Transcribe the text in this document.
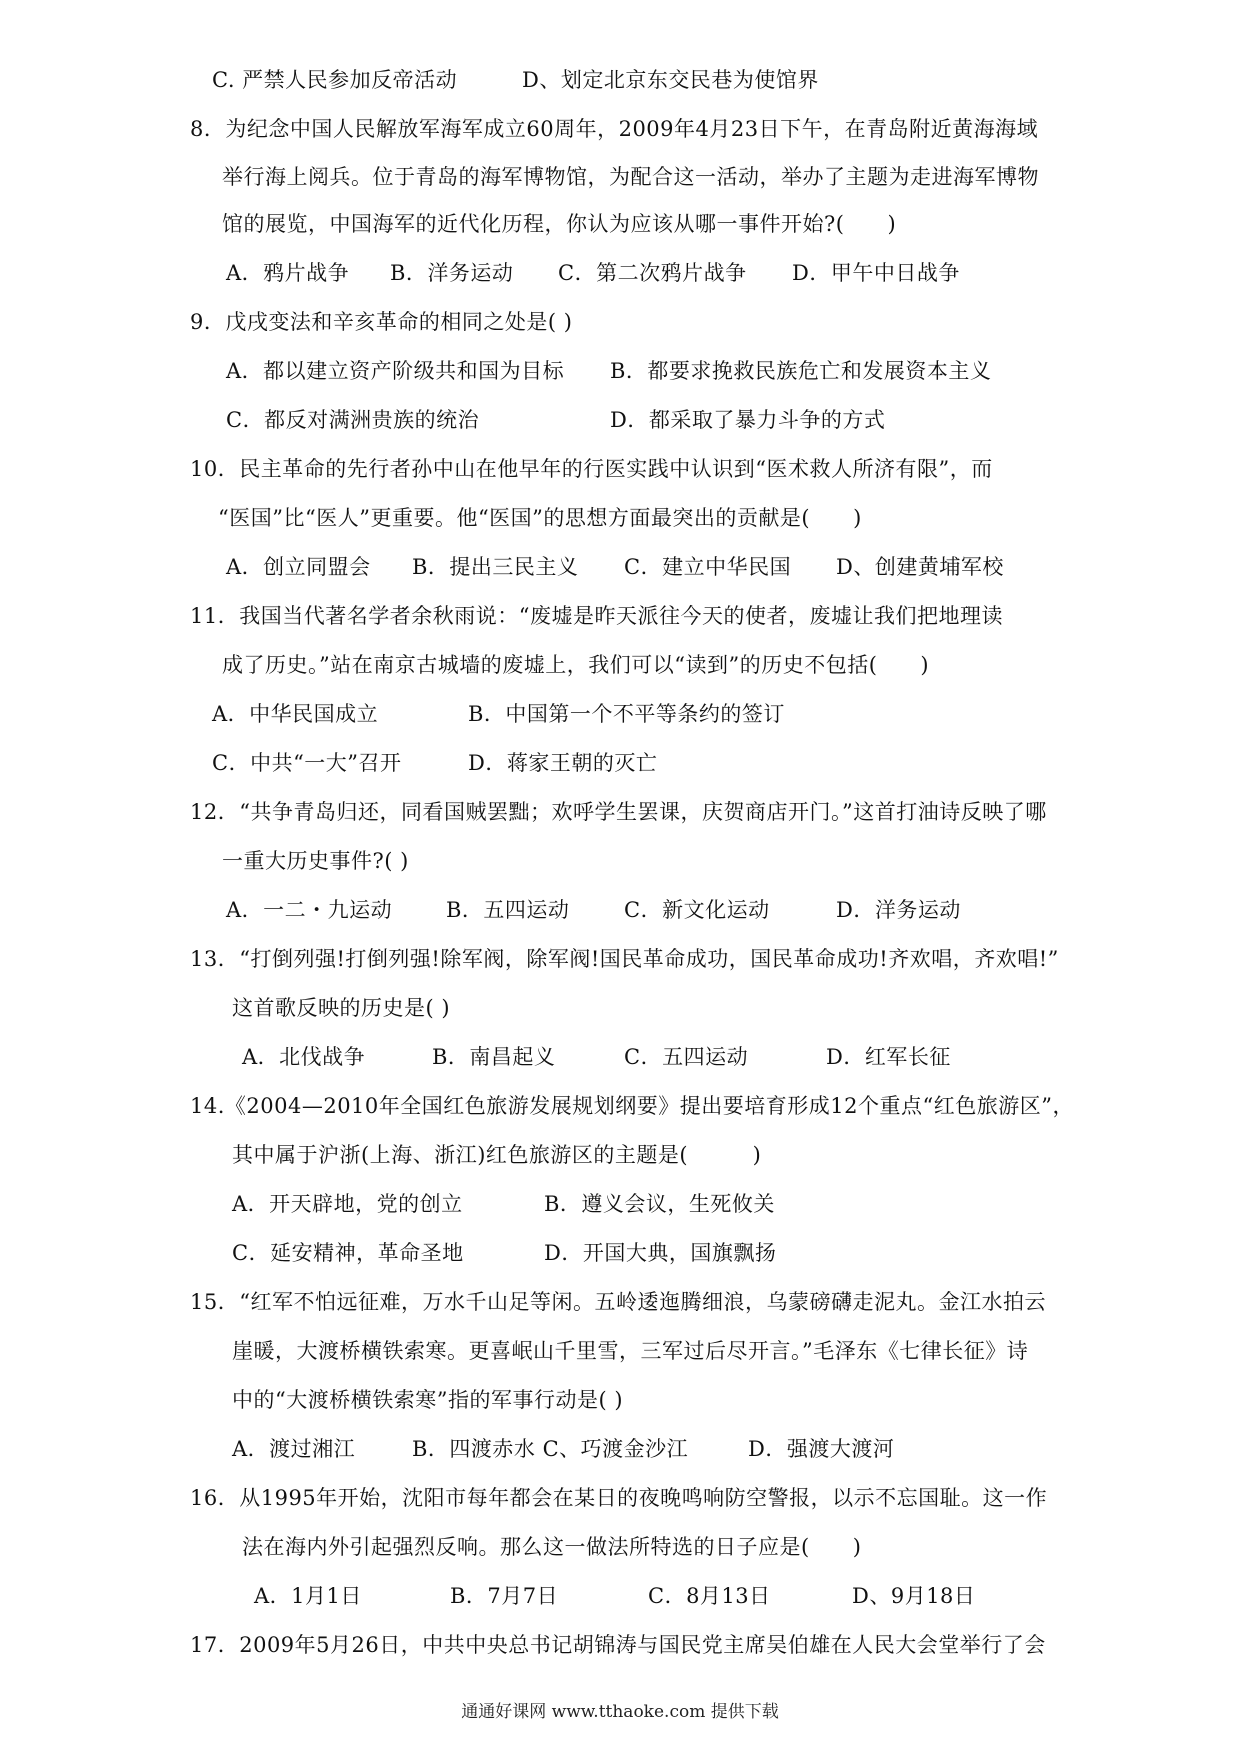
C. 严禁人民参加反帝活动	D、划定北京东交民巷为使馆界
8．为纪念中国人民解放军海军成立60周年，2009年4月23日下午，在青岛附近黄海海域
举行海上阅兵。位于青岛的海军博物馆，为配合这一活动，举办了主题为走进海军博物
馆的展览，中国海军的近代化历程，你认为应该从哪一事件开始?(　　)
A．鸦片战争 B．洋务运动 C．第二次鸦片战争 D．甲午中日战争
9．戊戌变法和辛亥革命的相同之处是( )
A．都以建立资产阶级共和国为目标 B．都要求挽救民族危亡和发展资本主义
C．都反对满洲贵族的统治	D．都采取了暴力斗争的方式
10．民主革命的先行者孙中山在他早年的行医实践中认识到“医术救人所济有限”，而
“医国”比“医人”更重要。他“医国”的思想方面最突出的贡献是(　　)
A．创立同盟会 B．提出三民主义 C．建立中华民国 D、创建黄埔军校
11．我国当代著名学者余秋雨说：“废墟是昨天派往今天的使者，废墟让我们把地理读
成了历史。”站在南京古城墙的废墟上，我们可以“读到”的历史不包括(　　)
A．中华民国成立	B．中国第一个不平等条约的签订
C．中共“一大”召开	D．蒋家王朝的灭亡
12．“共争青岛归还，同看国贼罢黜；欢呼学生罢课，庆贺商店开门。”这首打油诗反映了哪
一重大历史事件?( )
A．一二・九运动	B．五四运动	C．新文化运动	D．洋务运动
13．“打倒列强!打倒列强!除军阀，除军阀!国民革命成功，国民革命成功!齐欢唱，齐欢唱!”
这首歌反映的历史是( )
A．北伐战争	B．南昌起义	C．五四运动	D．红军长征
14.《2004—2010年全国红色旅游发展规划纲要》提出要培育形成12个重点“红色旅游区”，
其中属于沪浙(上海、浙江)红色旅游区的主题是(　　　)
A．开天辟地，党的创立	B．遵义会议，生死攸关
C．延安精神，革命圣地	D．开国大典，国旗飘扬
15．“红军不怕远征难，万水千山足等闲。五岭逶迤腾细浪，乌蒙磅礴走泥丸。金江水拍云
崖暖，大渡桥横铁索寒。更喜岷山千里雪，三军过后尽开言。”毛泽东《七律长征》诗
中的“大渡桥横铁索寒”指的军事行动是( )
A．渡过湘江	B．四渡赤水 C、巧渡金沙江	D．强渡大渡河
16．从1995年开始，沈阳市每年都会在某日的夜晚鸣响防空警报，以示不忘国耻。这一作
法在海内外引起强烈反响。那么这一做法所特选的日子应是(　　)
A．1月1日	B．7月7日	C．8月13日	D、9月18日
17．2009年5月26日，中共中央总书记胡锦涛与国民党主席吴伯雄在人民大会堂举行了会
通通好课网 www.tthaoke.com 提供下载
